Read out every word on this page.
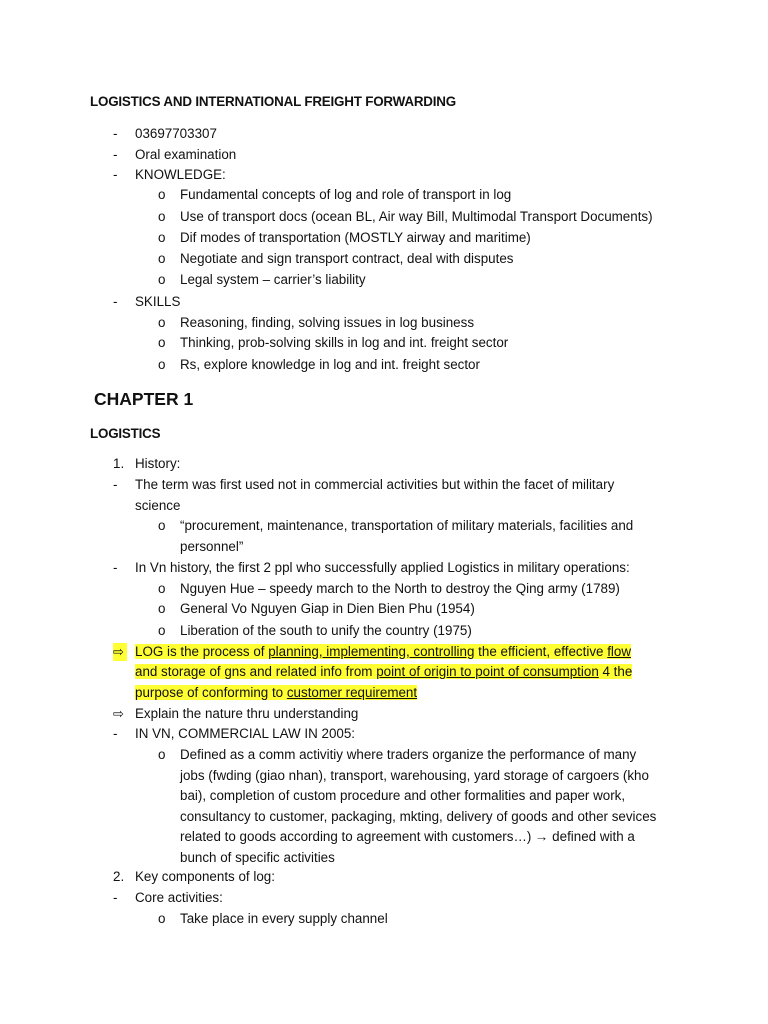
LOGISTICS AND INTERNATIONAL FREIGHT FORWARDING
-	03697703307
-	Oral examination
-	KNOWLEDGE:
o	Fundamental concepts of log and role of transport in log
o	Use of transport docs (ocean BL, Air way Bill, Multimodal Transport Documents)
o	Dif modes of transportation (MOSTLY airway and maritime)
o	Negotiate and sign transport contract, deal with disputes
o	Legal system – carrier’s liability
-	SKILLS
o	Reasoning, finding, solving issues in log business
o	Thinking, prob-solving skills in log and int. freight sector
o	Rs, explore knowledge in log and int. freight sector
CHAPTER 1
LOGISTICS
1. History:
-	The term was first used not in commercial activities but within the facet of military
science
o	“procurement, maintenance, transportation of military materials, facilities and
personnel”
-	In Vn history, the first 2 ppl who successfully applied Logistics in military operations:
o	Nguyen Hue – speedy march to the North to destroy the Qing army (1789)
o	General Vo Nguyen Giap in Dien Bien Phu (1954)
o	Liberation of the south to unify the country (1975)
⇨ LOG is the process of planning, implementing, controlling the efficient, effective flow
and storage of gns and related info from point of origin to point of consumption 4 the
purpose of conforming to customer requirement
⇨ Explain the nature thru understanding
-	IN VN, COMMERCIAL LAW IN 2005:
o	Defined as a comm activitiy where traders organize the performance of many
jobs (fwding (giao nhan), transport, warehousing, yard storage of cargoers (kho
bai), completion of custom procedure and other formalities and paper work,
consultancy to customer, packaging, mkting, delivery of goods and other sevices
related to goods according to agreement with customers…) → defined with a
bunch of specific activities
2. Key components of log:
-	Core activities:
o	Take place in every supply channel
